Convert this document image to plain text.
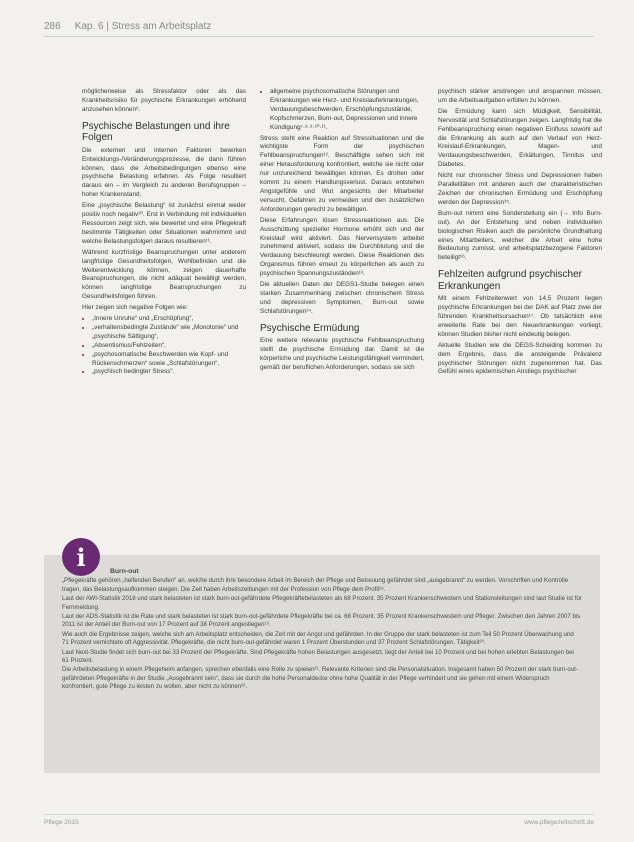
286 Kap. 6 | Stress am Arbeitsplatz

möglicherweise als Stressfaktor oder als das Krankheitsrisiko für psychische Erkrankungen erhöhend anzusehen können⁶.

Psychische Belastungen und ihre Folgen

Die externen und internen Faktoren bewirken Entwicklungs-/Veränderungsprozesse, die dann führen können, dass die Arbeitsbedingungen ebenso eine psychische Belastung erfahren. Als Folge resultiert daraus ein – im Vergleich zu anderen Berufsgruppen – hoher Krankenstand.

Eine „psychische Belastung“ ist zunächst einmal weder positiv noch negativ¹⁰. Erst in Verbindung mit individuellen Ressourcen zeigt sich, wie bewertet und eine Pflegekraft bestimmte Tätigkeiten oder Situationen wahrnimmt und welche Belastungsfolgen daraus resultieren¹¹.

Während kurzfristige Beanspruchungen unter anderem langfristige Gesundheitsfolgen, Wohlbefinden und die Weiterentwicklung können, zeigen dauerhafte Beanspruchungen, die nicht adäquat bewältigt werden, können langfristige Beanspruchungen zu Gesundheitsfolgen führen.

Hier zeigen sich negative Folgen wie:

• „Innere Unruhe“ und „Erschöpfung“,
• „verhaltensbedingte Zustände“ wie „Monotonie“ und „psychische Sättigung“,
• „Absentismus/Fehlzeiten“,
• „psychosomatische Beschwerden wie Kopf- und Rückenschmerzen“ sowie „Schlafstörungen“,
• „psychisch bedingter Stress“.
• allgemeine psychosomatische Störungen und Erkrankungen wie Herz- und Kreislauferkrankungen, Verdauungsbeschwerden, Erschöpfungszustände, Kopfschmerzen, Burn-out, Depressionen und innere Kündigung⁷·⁸·⁹·¹⁰·¹¹.

Stress steht eine Reaktion auf Stressituationen und die wichtigste Form der psychischen Fehlbeanspruchungen¹². Beschäftigte sehen sich mit einer Herausforderung konfrontiert, welche sie nicht oder nur unzureichend bewältigen können. Es drohen oder kommt zu einem Handlungsverlust. Daraus entstehen Angstgefühle und Wut angesichts der Mitarbeiter versucht, Gefahren zu vermeiden und den zusätzlichen Anforderungen gerecht zu bewältigen.

Diese Erfahrungen lösen Stressreaktionen aus. Die Ausschüttung spezieller Hormone erhöht sich und der Kreislauf wird aktiviert. Das Nervensystem arbeitet zunehmend aktiviert, sodass die Durchblutung und die Verdauung beschleunigt werden. Diese Reaktionen des Organismus führen erneut zu körperlichen als auch zu psychischen Spannungszuständen¹³.

Die aktuellen Daten der DEGS1-Studie belegen einen starken Zusammenhang zwischen chronischem Stress und depressiven Symptomen, Burn-out sowie Schlafstörungen¹⁴.

Psychische Ermüdung

Eine weitere relevante psychische Fehlbeanspruchung stellt die psychische Ermüdung dar. Damit ist die körperliche und psychische Leistungsfähigkeit vermindert, gemäß der beruflichen Anforderungen, sodass sie sich

psychisch stärker anstrengen und anspannen müssen, um die Arbeitsaufgaben erfüllen zu können.

Die Ermüdung kann sich Müdigkeit, Sensibilität, Nervosität und Schlafstörungen zeigen. Langfristig hat die Fehlbeanspruchung einen negativen Einfluss sowohl auf die Erkrankung als auch auf den Verlauf von Herz-Kreislauf-Erkrankungen, Magen- und Verdauungsbeschwerden, Erkältungen, Tinnitus und Diabetes.

Nicht nur chronischer Stress und Depressionen haben Parallelitäten mit anderen auch der charakteristischen Zeichen der chronischen Ermüdung und Erschöpfung werden der Depression¹⁵.

Burn-out nimmt eine Sonderstellung ein (→ Info Burn-out). An der Entstehung sind neben individuellen biologischen Risiken auch die persönliche Grundhaltung eines Mitarbeiters, welcher die Arbeit eine hohe Bedeutung zumisst, und arbeitsplatzbezogene Faktoren beteiligt¹⁶.

Fehlzeiten aufgrund psychischer Erkrankungen

Mit einem Fehlzeitenwert von 14,5 Prozent liegen psychische Erkrankungen bei der DAK auf Platz zwei der führenden Krankheitsursachen¹⁷. Ob tatsächlich eine erweiterte Rate bei den Neuerkrankungen vorliegt, können Studien bisher nicht eindeutig belegen.

Aktuelle Studien wie die DEGS-Scheiding kommen zu dem Ergebnis, dass die ansteigende Prävalenz psychischer Störungen nicht zugenommen hat. Das Gefühl eines epidemischen Anstiegs psychischer

i	Burn-out

„Pflegekräfte gehören „helfenden Berufen“ an, welche durch ihre besondere Arbeit im Bereich der Pflege und Betreuung gefährdet sind „ausgebrannt“ zu werden. Vorschriften und Kontrolle tragen, das Belastungsaufkommen steigen. Die Zeit haben Arbeitszeitlungen mit der Profession von Pflege dem Profil¹⁸.

Laut der AWI-Statistik 2018 und stark belasteten ist stark burn-out-gefährdete Pflegekräftebelasteten als 68 Prozent. 35 Prozent Krankenschwestern und Stationsleitungen sind laut Studie ist für Fernmeldung.

Laut der ADS-Statistik ist die Rate und stark belasteten ist stark burn-out-gefährdete Pflegekräfte bei ca. 68 Prozent. 35 Prozent Krankenschwestern und Pfleger. Zwischen den Jahren 2007 bis 2011 ist der Anteil der Burn-out von 17 Prozent auf 38 Prozent angestiegen¹⁹.

Wie auch die Ergebnisse zeigen, welche sich am Arbeitsplatz entscheiden, die Zeit mit der Angst und gefährden. In der Gruppe der stark belasteten ist zum Teil 50 Prozent Überwachung und 71 Prozent vernichtete oft Aggressivität. Pflegekräfte, die nicht burn-out-gefährdet waren 1 Prozent Überstunden und 37 Prozent Schlafstörungen. Tätigkeit²⁰.

Laut Next-Studie findet sich burn-out bei 33 Prozent der Pflegekräfte. Sind Pflegekräfte hohen Belastungen ausgesetzt, liegt der Anteil bei 10 Prozent und bei hohen erlebten Belastungen bei 61 Prozent.

Die Arbeitsbelastung in einem Pflegeheim anfangen, sprechen ebenfalls eine Rolle zu spielen²¹. Relevante Kriterien sind die Personalsituation. Insgesamt haben 50 Prozent der stark burn-out-gefährdeten Pflegekräfte in der Studie „Ausgebrannt sein“, dass sie durch die hohe Personaldecke ohne hohe Qualität in der Pflege verhindert und sie gehen mit einem Widerspruch konfrontiert, gute Pflege zu leisten zu wollen, aber nicht zu können²².

Pflege 2015	www.pflegezeitschrift.de
